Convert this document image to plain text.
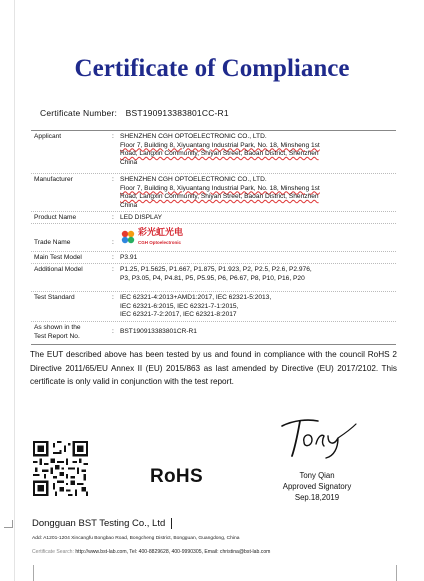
Certificate of Compliance
Certificate Number: BST190913383801CC-R1
Applicant	: SHENZHEN CGH OPTOELECTRONIC CO., LTD.
Floor 7, Building 8, Xiyuantang Industrial Park, No. 18, Minsheng 1st
Road, Langxin Community, Shiyan Street, Baoan District, Shenzhen
China
Manufacturer	: SHENZHEN CGH OPTOELECTRONIC CO., LTD.
Floor 7, Building 8, Xiyuantang Industrial Park, No. 18, Minsheng 1st
Road, Langxin Community, Shiyan Street, Baoan District, Shenzhen
China
Product Name	: LED DISPLAY
Trade Name	:
彩光虹光电
CGH Optoelectronic
Main Test Model	: P3.91
Additional Model	: P1.25, P1.5625, P1.667, P1.875, P1.923, P2, P2.5, P2.6, P2.976,
P3, P3.05, P4, P4.81, P5, P5.95, P6, P6.67, P8, P10, P16, P20
Test Standard	: IEC 62321-4:2013+AMD1:2017, IEC 62321-5:2013,
IEC 62321-6:2015, IEC 62321-7-1:2015,
IEC 62321-7-2:2017, IEC 62321-8:2017
As shown in the
Test Report No.
: BST190913383801CR-R1
The EUT described above has been tested by us and found in compliance with the council RoHS 2 Directive 2011/65/EU Annex II (EU) 2015/863 as last amended by Directive (EU) 2017/2102. This certificate is only valid in conjunction with the test report.
RoHS	Tony Qian
Approved Signatory
Sep.18,2019
Dongguan BST Testing Co., Ltd
Add: A1201-1204 Xincangfu Bongbao Road, Bongcheng District, Bongguan, Guangdong, China
Certificate Search: http://www.bst-lab.com, Tel: 400-8829628, 400-9990305, Email: christina@bst-lab.com
